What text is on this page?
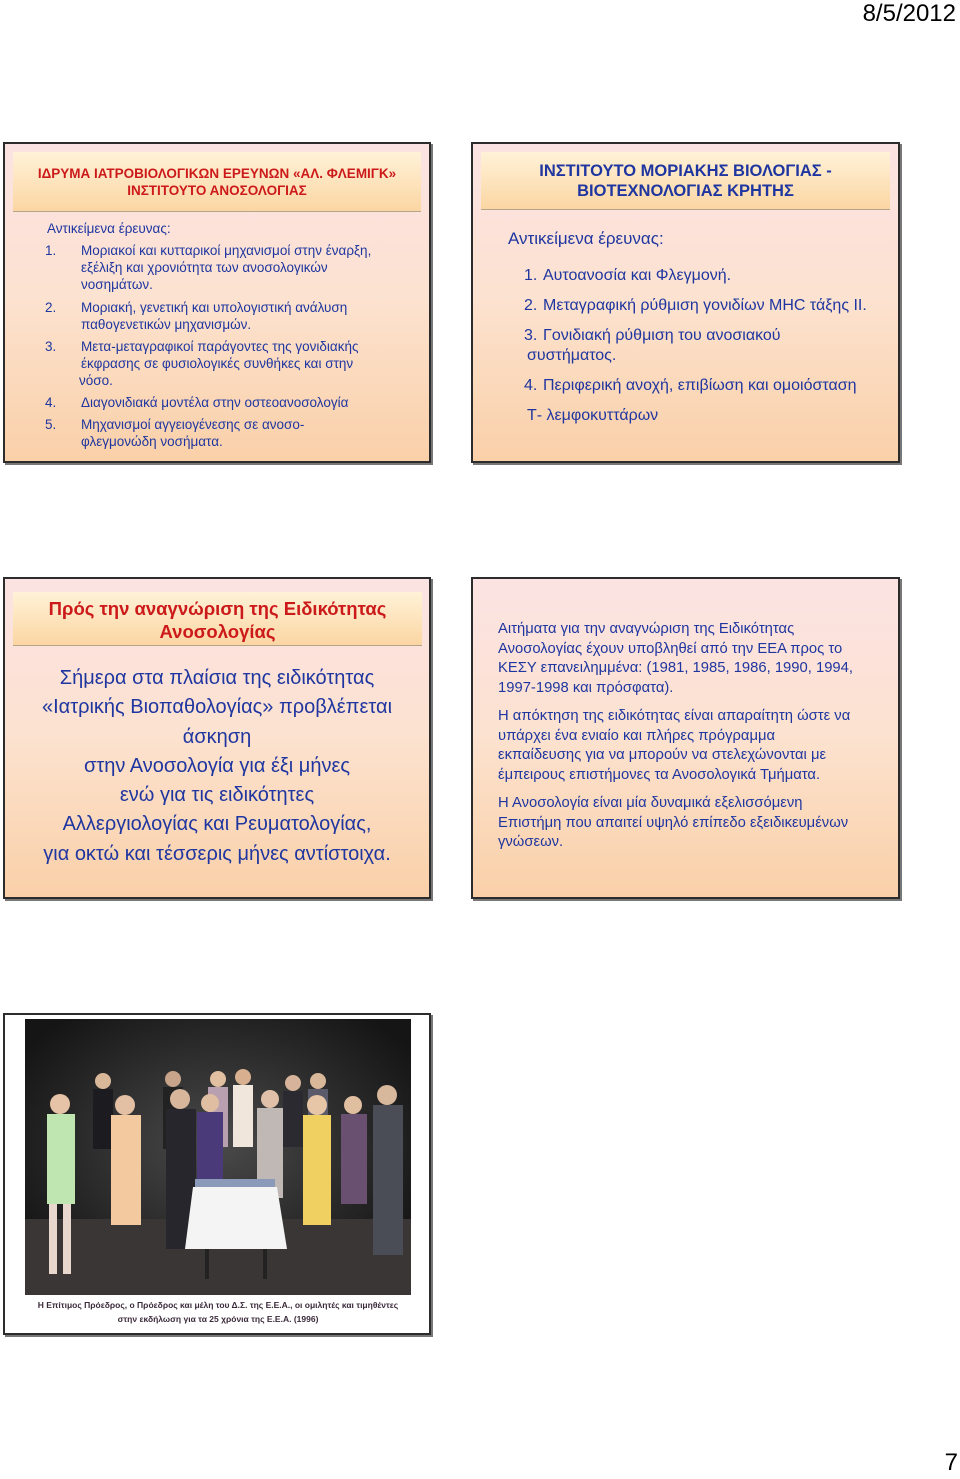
8/5/2012
ΙΔΡΥΜΑ ΙΑΤΡΟΒΙΟΛΟΓΙΚΩΝ ΕΡΕΥΝΩΝ «ΑΛ. ΦΛΕΜΙΓΚ»
ΙΝΣΤΙΤΟΥΤΟ ΑΝΟΣΟΛΟΓΙΑΣ
Αντικείμενα έρευνας:
1. Μοριακοί και κυτταρικοί μηχανισμοί στην έναρξη,
εξέλιξη και χρονιότητα των ανοσολογικών
νοσημάτων.
2. Μοριακή, γενετική και υπολογιστική ανάλυση
παθογενετικών μηχανισμών.
3. Μετα-μεταγραφικοί παράγοντες της γονιδιακής
έκφρασης σε φυσιολογικές συνθήκες και στην
νόσο.
4. Διαγονιδιακά μοντέλα στην οστεοανοσολογία
5. Μηχανισμοί αγγειογένεσης σε ανοσο-
φλεγμονώδη νοσήματα.
ΙΝΣΤΙΤΟΥΤΟ ΜΟΡΙΑΚΗΣ ΒΙΟΛΟΓΙΑΣ -
ΒΙΟΤΕΧΝΟΛΟΓΙΑΣ ΚΡΗΤΗΣ
Αντικείμενα έρευνας:
1. Αυτοανοσία και Φλεγμονή.
2. Μεταγραφική ρύθμιση γονιδίων MHC τάξης II.
3. Γονιδιακή ρύθμιση του ανοσιακού
συστήματος.
4. Περιφερική ανοχή, επιβίωση και ομοιόσταση
Τ- λεμφοκυττάρων
Πρός την αναγνώριση της Ειδικότητας
Ανοσολογίας
Σήμερα στα πλαίσια της ειδικότητας
«Ιατρικής Βιοπαθολογίας» προβλέπεται
άσκηση
στην Ανοσολογία για έξι μήνες
ενώ για τις ειδικότητες
Αλλεργιολογίας και Ρευματολογίας,
για οκτώ και τέσσερις μήνες αντίστοιχα.
Αιτήματα για την αναγνώριση της Ειδικότητας
Ανοσολογίας έχουν υποβληθεί από την ΕΕΑ προς το
ΚΕΣΥ επανειλημμένα: (1981, 1985, 1986, 1990, 1994,
1997-1998 και πρόσφατα).
Η απόκτηση της ειδικότητας είναι απαραίτητη ώστε να
υπάρχει ένα ενιαίο και πλήρες πρόγραμμα
εκπαίδευσης για να μπορούν να στελεχώνονται με
έμπειρους επιστήμονες τα Ανοσολογικά Τμήματα.
Η Ανοσολογία είναι μία δυναμικά εξελισσόμενη
Επιστήμη που απαιτεί υψηλό επίπεδο εξειδικευμένων
γνώσεων.
Η Επίτιμος Πρόεδρος, ο Πρόεδρος και μέλη του Δ.Σ. της Ε.Ε.Α., οι ομιλητές και τιμηθέντες
στην εκδήλωση για τα 25 χρόνια της Ε.Ε.Α. (1996)
7
